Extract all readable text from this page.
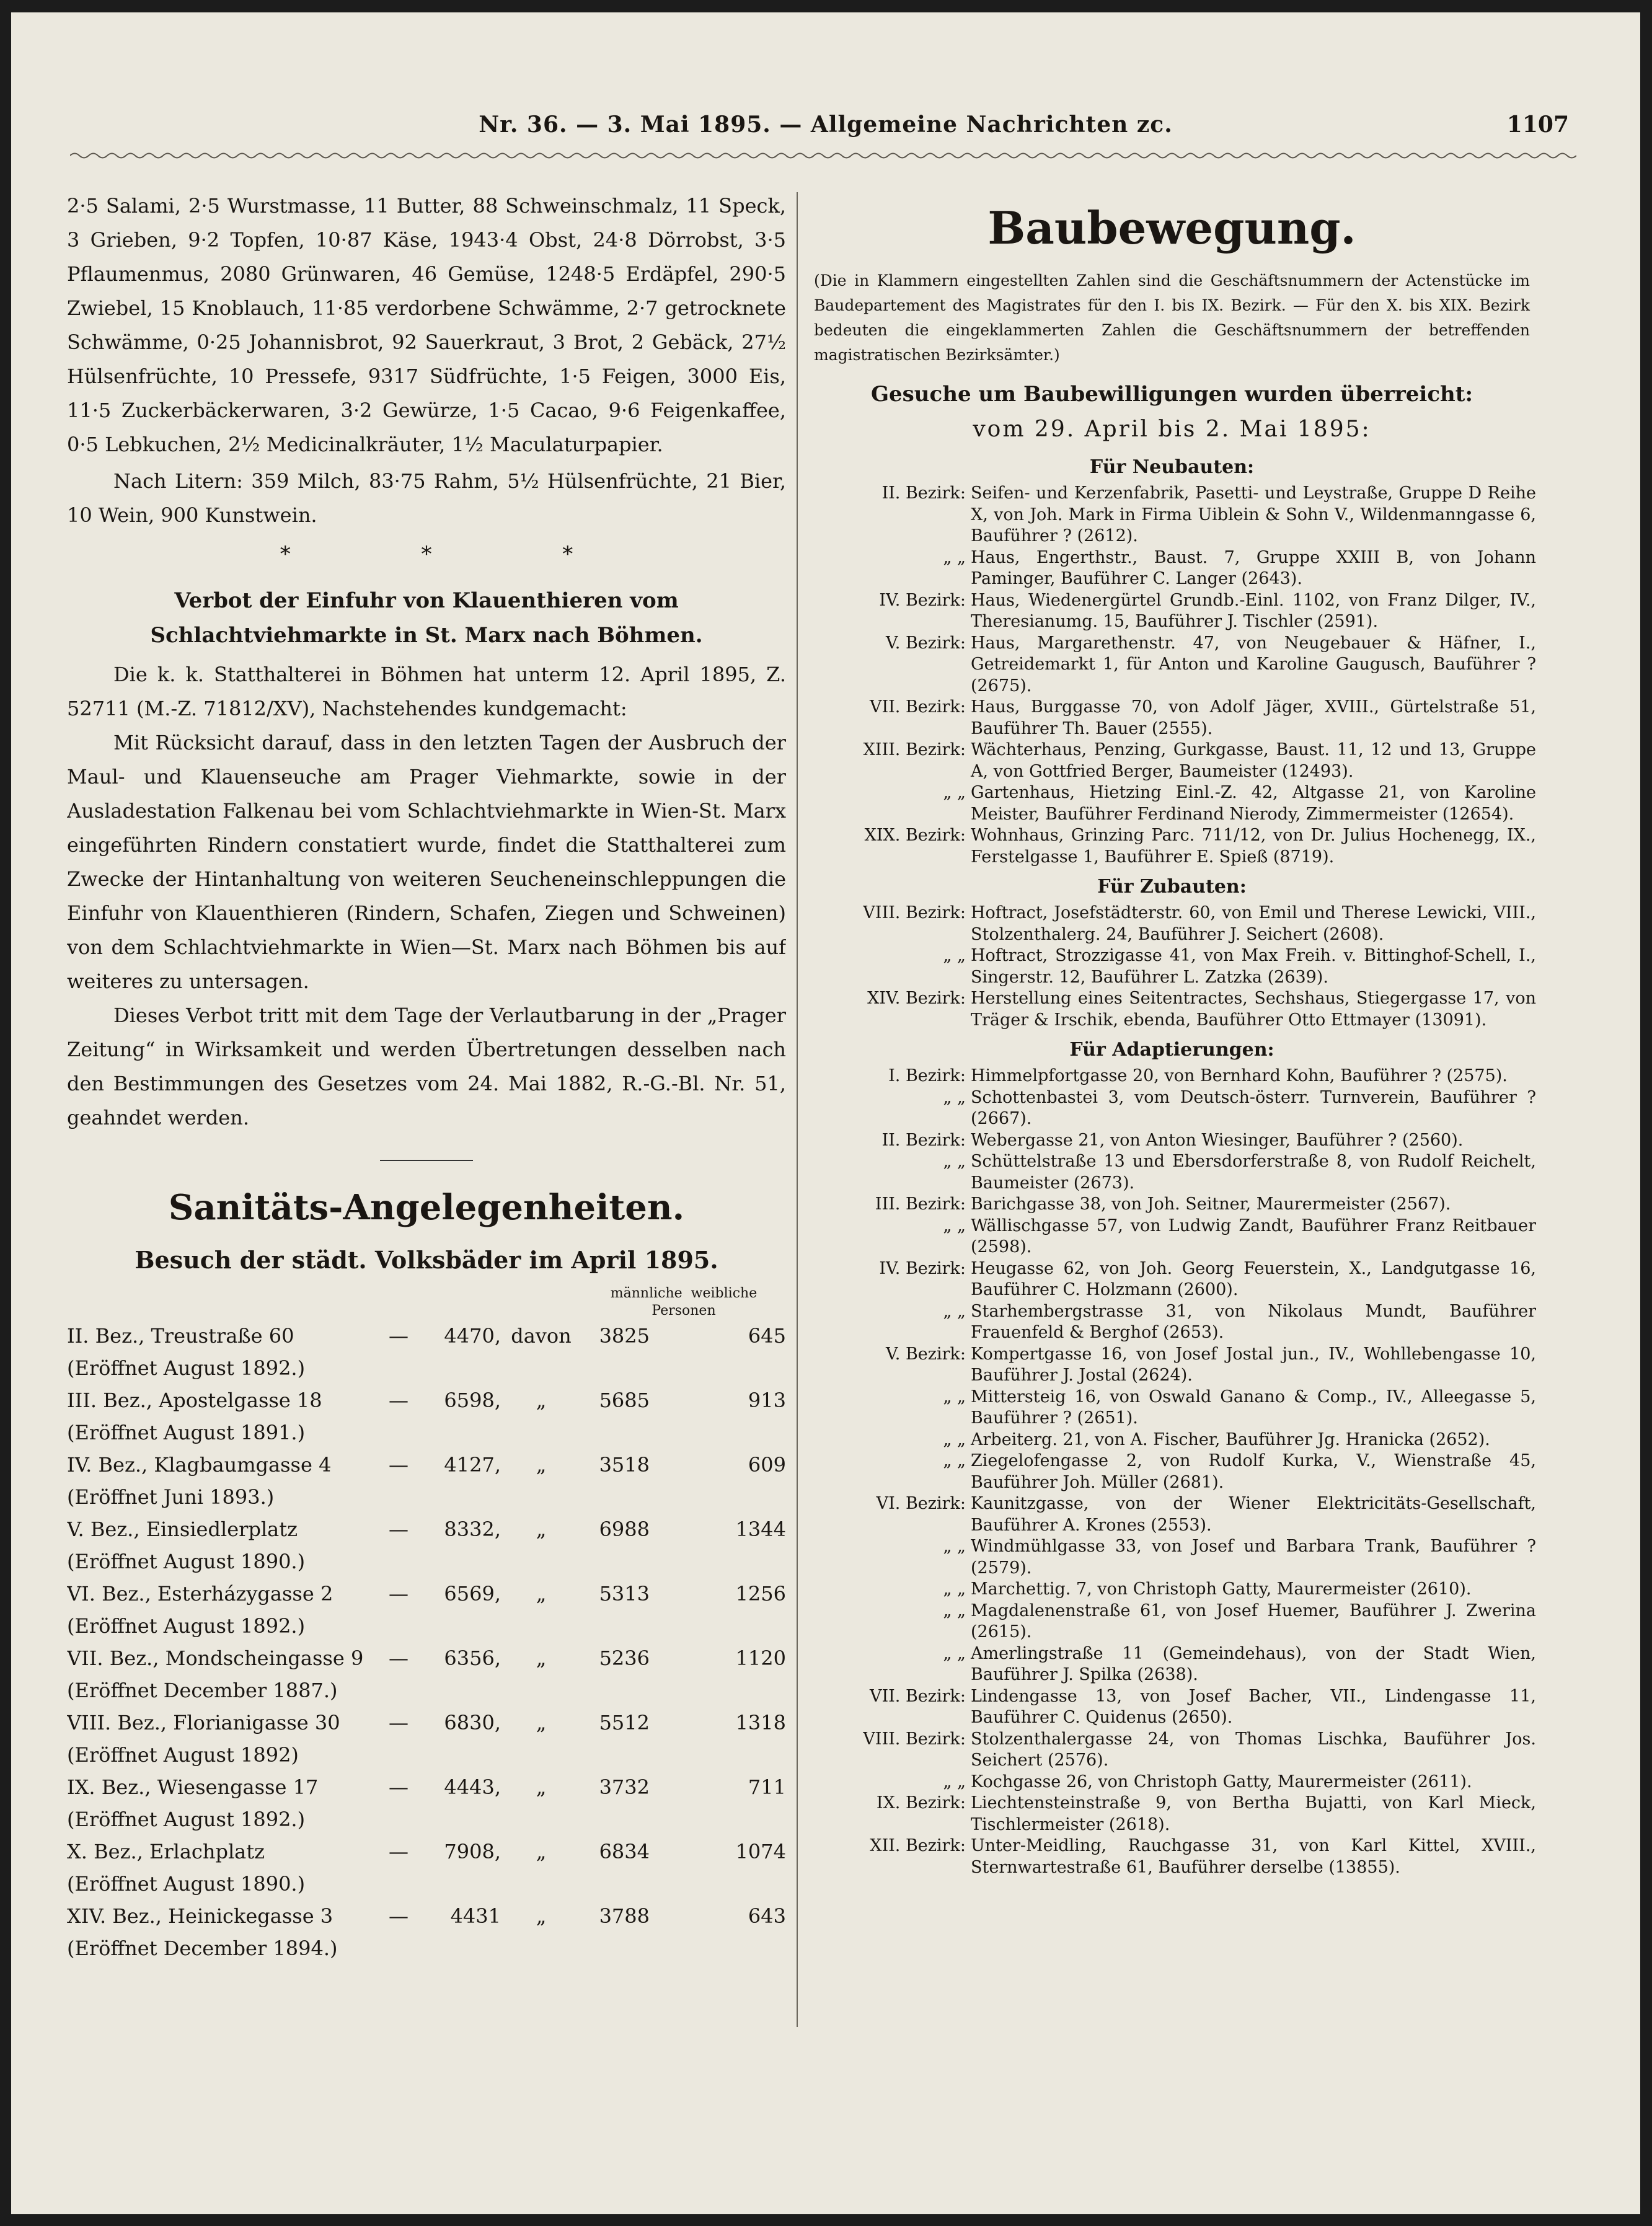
Nr. 36. — 3. Mai 1895. — Allgemeine Nachrichten zc.	1107

2·5 Salami, 2·5 Wurstmasse, 11 Butter, 88 Schweinschmalz, 11 Speck, 3 Grieben, 9·2 Topfen, 10·87 Käse, 1943·4 Obst, 24·8 Dörrobst, 3·5 Pflaumenmus, 2080 Grünwaren, 46 Gemüse, 1248·5 Erdäpfel, 290·5 Zwiebel, 15 Knoblauch, 11·85 verdorbene Schwämme, 2·7 getrocknete Schwämme, 0·25 Johannisbrot, 92 Sauerkraut, 3 Brot, 2 Gebäck, 27½ Hülsenfrüchte, 10 Pressefe, 9317 Südfrüchte, 1·5 Feigen, 3000 Eis, 11·5 Zuckerbäckerwaren, 3·2 Gewürze, 1·5 Cacao, 9·6 Feigenkaffee, 0·5 Lebkuchen, 2½ Medicinalkräuter, 1½ Maculaturpapier.

Nach Litern: 359 Milch, 83·75 Rahm, 5½ Hülsenfrüchte, 21 Bier, 10 Wein, 900 Kunstwein.

* * *
Verbot der Einfuhr von Klauenthieren vom Schlachtviehmarkte in St. Marx nach Böhmen.

Die k. k. Statthalterei in Böhmen hat unterm 12. April 1895, Z. 52711 (M.-Z. 71812/XV), Nachstehendes kundgemacht:

Mit Rücksicht darauf, dass in den letzten Tagen der Ausbruch der Maul- und Klauenseuche am Prager Viehmarkte, sowie in der Ausladestation Falkenau bei vom Schlachtviehmarkte in Wien-St. Marx eingeführten Rindern constatiert wurde, findet die Statthalterei zum Zwecke der Hintanhaltung von weiteren Seucheneinschleppungen die Einfuhr von Klauenthieren (Rindern, Schafen, Ziegen und Schweinen) von dem Schlachtviehmarkte in Wien—St. Marx nach Böhmen bis auf weiteres zu untersagen.

Dieses Verbot tritt mit dem Tage der Verlautbarung in der „Prager Zeitung“ in Wirksamkeit und werden Übertretungen desselben nach den Bestimmungen des Gesetzes vom 24. Mai 1882, R.-G.-Bl. Nr. 51, geahndet werden.

Sanitäts-Angelegenheiten.
Besuch der städt. Volksbäder im April 1895.
				männliche weibliche
Personen	
II. Bez., Treustraße 60	—	4470,	davon	3825	645
(Eröffnet August 1892.)					
III. Bez., Apostelgasse 18	—	6598,	„	5685	913
(Eröffnet August 1891.)					
IV. Bez., Klagbaumgasse 4	—	4127,	„	3518	609
(Eröffnet Juni 1893.)					
V. Bez., Einsiedlerplatz	—	8332,	„	6988	1344
(Eröffnet August 1890.)					
VI. Bez., Esterházygasse 2	—	6569,	„	5313	1256
(Eröffnet August 1892.)					
VII. Bez., Mondscheingasse 9	—	6356,	„	5236	1120
(Eröffnet December 1887.)					
VIII. Bez., Florianigasse 30	—	6830,	„	5512	1318
(Eröffnet August 1892)					
IX. Bez., Wiesengasse 17	—	4443,	„	3732	711
(Eröffnet August 1892.)					
X. Bez., Erlachplatz	—	7908,	„	6834	1074
(Eröffnet August 1890.)					
XIV. Bez., Heinickegasse 3	—	4431	„	3788	643
(Eröffnet December 1894.)					
Baubewegung.

(Die in Klammern eingestellten Zahlen sind die Geschäftsnummern der Actenstücke im Baudepartement des Magistrates für den I. bis IX. Bezirk. — Für den X. bis XIX. Bezirk bedeuten die eingeklammerten Zahlen die Geschäftsnummern der betreffenden magistratischen Bezirksämter.)

Gesuche um Baubewilligungen wurden überreicht:
vom 29. April bis 2. Mai 1895:
Für Neubauten:
II. Bezirk: Seifen- und Kerzenfabrik, Pasetti- und Leystraße, Gruppe D Reihe X, von Joh. Mark in Firma Uiblein & Sohn V., Wildenmanngasse 6, Bauführer ? (2612).
„ „ Haus, Engerthstr., Baust. 7, Gruppe XXIII B, von Johann Paminger, Bauführer C. Langer (2643).
IV. Bezirk: Haus, Wiedenergürtel Grundb.-Einl. 1102, von Franz Dilger, IV., Theresianumg. 15, Bauführer J. Tischler (2591).
V. Bezirk: Haus, Margarethenstr. 47, von Neugebauer & Häfner, I., Getreidemarkt 1, für Anton und Karoline Gaugusch, Bauführer ? (2675).
VII. Bezirk: Haus, Burggasse 70, von Adolf Jäger, XVIII., Gürtelstraße 51, Bauführer Th. Bauer (2555).
XIII. Bezirk: Wächterhaus, Penzing, Gurkgasse, Baust. 11, 12 und 13, Gruppe A, von Gottfried Berger, Baumeister (12493).
„ „ Gartenhaus, Hietzing Einl.-Z. 42, Altgasse 21, von Karoline Meister, Bauführer Ferdinand Nierody, Zimmermeister (12654).
XIX. Bezirk: Wohnhaus, Grinzing Parc. 711/12, von Dr. Julius Hochenegg, IX., Ferstelgasse 1, Bauführer E. Spieß (8719).
Für Zubauten:
VIII. Bezirk: Hoftract, Josefstädterstr. 60, von Emil und Therese Lewicki, VIII., Stolzenthalerg. 24, Bauführer J. Seichert (2608).
„ „ Hoftract, Strozzigasse 41, von Max Freih. v. Bittinghof-Schell, I., Singerstr. 12, Bauführer L. Zatzka (2639).
XIV. Bezirk: Herstellung eines Seitentractes, Sechshaus, Stiegergasse 17, von Träger & Irschik, ebenda, Bauführer Otto Ettmayer (13091).
Für Adaptierungen:
I. Bezirk: Himmelpfortgasse 20, von Bernhard Kohn, Bauführer ? (2575).
„ „ Schottenbastei 3, vom Deutsch-österr. Turnverein, Bauführer ? (2667).
II. Bezirk: Webergasse 21, von Anton Wiesinger, Bauführer ? (2560).
„ „ Schüttelstraße 13 und Ebersdorferstraße 8, von Rudolf Reichelt, Baumeister (2673).
III. Bezirk: Barichgasse 38, von Joh. Seitner, Maurermeister (2567).
„ „ Wällischgasse 57, von Ludwig Zandt, Bauführer Franz Reitbauer (2598).
IV. Bezirk: Heugasse 62, von Joh. Georg Feuerstein, X., Landgutgasse 16, Bauführer C. Holzmann (2600).
„ „ Starhembergstrasse 31, von Nikolaus Mundt, Bauführer Frauenfeld & Berghof (2653).
V. Bezirk: Kompertgasse 16, von Josef Jostal jun., IV., Wohllebengasse 10, Bauführer J. Jostal (2624).
„ „ Mittersteig 16, von Oswald Ganano & Comp., IV., Alleegasse 5, Bauführer ? (2651).
„ „ Arbeiterg. 21, von A. Fischer, Bauführer Jg. Hranicka (2652).
„ „ Ziegelofengasse 2, von Rudolf Kurka, V., Wienstraße 45, Bauführer Joh. Müller (2681).
VI. Bezirk: Kaunitzgasse, von der Wiener Elektricitäts-Gesellschaft, Bauführer A. Krones (2553).
„ „ Windmühlgasse 33, von Josef und Barbara Trank, Bauführer ? (2579).
„ „ Marchettig. 7, von Christoph Gatty, Maurermeister (2610).
„ „ Magdalenenstraße 61, von Josef Huemer, Bauführer J. Zwerina (2615).
„ „ Amerlingstraße 11 (Gemeindehaus), von der Stadt Wien, Bauführer J. Spilka (2638).
VII. Bezirk: Lindengasse 13, von Josef Bacher, VII., Lindengasse 11, Bauführer C. Quidenus (2650).
VIII. Bezirk: Stolzenthalergasse 24, von Thomas Lischka, Bauführer Jos. Seichert (2576).
„ „ Kochgasse 26, von Christoph Gatty, Maurermeister (2611).
IX. Bezirk: Liechtensteinstraße 9, von Bertha Bujatti, von Karl Mieck, Tischlermeister (2618).
XII. Bezirk: Unter-Meidling, Rauchgasse 31, von Karl Kittel, XVIII., Sternwartestraße 61, Bauführer derselbe (13855).
